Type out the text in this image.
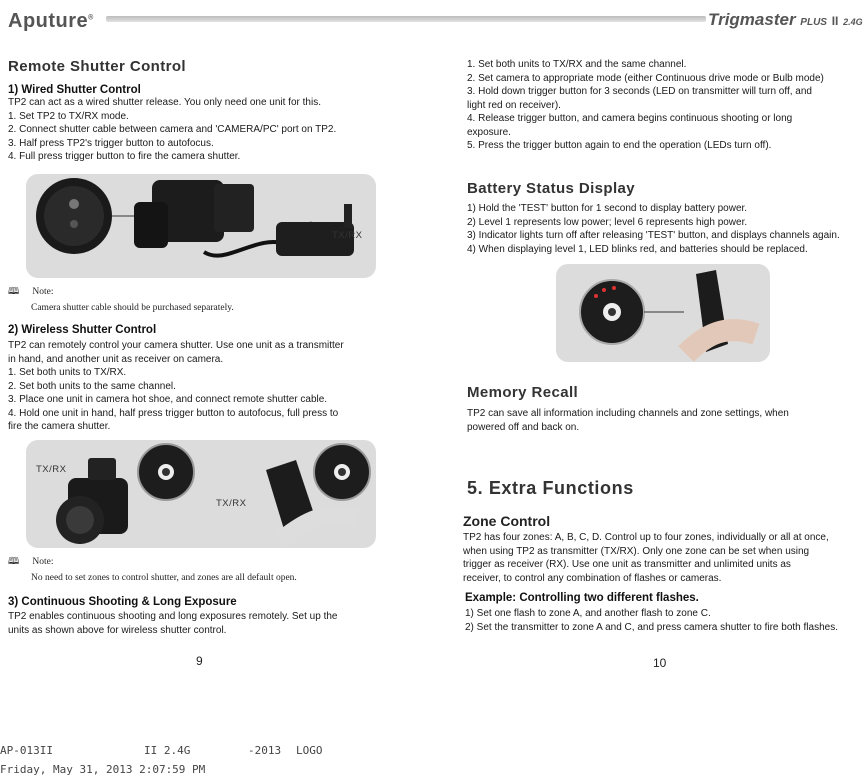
Aputure®	Trigmaster PLUS II 2.4G
Remote Shutter Control
1) Wired Shutter Control
TP2 can act as a wired shutter release. You only need one unit for this.
1. Set TP2 to TX/RX mode.
2. Connect shutter cable between camera and 'CAMERA/PC' port on TP2.
3. Half press TP2's trigger button to autofocus.
4. Full press trigger button to fire the camera shutter.
TX/RX
🕮 Note:
Camera shutter cable should be purchased separately.
2) Wireless Shutter Control
TP2 can remotely control your camera shutter. Use one unit as a transmitter
in hand, and another unit as receiver on camera.
1. Set both units to TX/RX.
2. Set both units to the same channel.
3. Place one unit in camera hot shoe, and connect remote shutter cable.
4. Hold one unit in hand, half press trigger button to autofocus, full press to
fire the camera shutter.
TX/RX
TX/RX
🕮 Note:
No need to set zones to control shutter, and zones are all default open.
3) Continuous Shooting & Long Exposure
TP2 enables continuous shooting and long exposures remotely. Set up the
units as shown above for wireless shutter control.
9
1. Set both units to TX/RX and the same channel.
2. Set camera to appropriate mode (either Continuous drive mode or Bulb mode)
3. Hold down trigger button for 3 seconds (LED on transmitter will turn off, and
light red on receiver).
4. Release trigger button, and camera begins continuous shooting or long
exposure.
5. Press the trigger button again to end the operation (LEDs turn off).
Battery Status Display
1) Hold the 'TEST' button for 1 second to display battery power.
2) Level 1 represents low power; level 6 represents high power.
3) Indicator lights turn off after releasing 'TEST' button, and displays channels again.
4) When displaying level 1, LED blinks red, and batteries should be replaced.
Memory Recall
TP2 can save all information including channels and zone settings, when
powered off and back on.
5. Extra Functions
Zone Control
TP2 has four zones: A, B, C, D. Control up to four zones, individually or all at once,
when using TP2 as transmitter (TX/RX). Only one zone can be set when using
trigger as receiver (RX). Use one unit as transmitter and unlimited units as
receiver, to control any combination of flashes or cameras.
Example: Controlling two different flashes.
1) Set one flash to zone A, and another flash to zone C.
2) Set the transmitter to zone A and C, and press camera shutter to fire both flashes.
10
AP-013II	II 2.4G	-2013 LOGO
Friday, May 31, 2013 2:07:59 PM
